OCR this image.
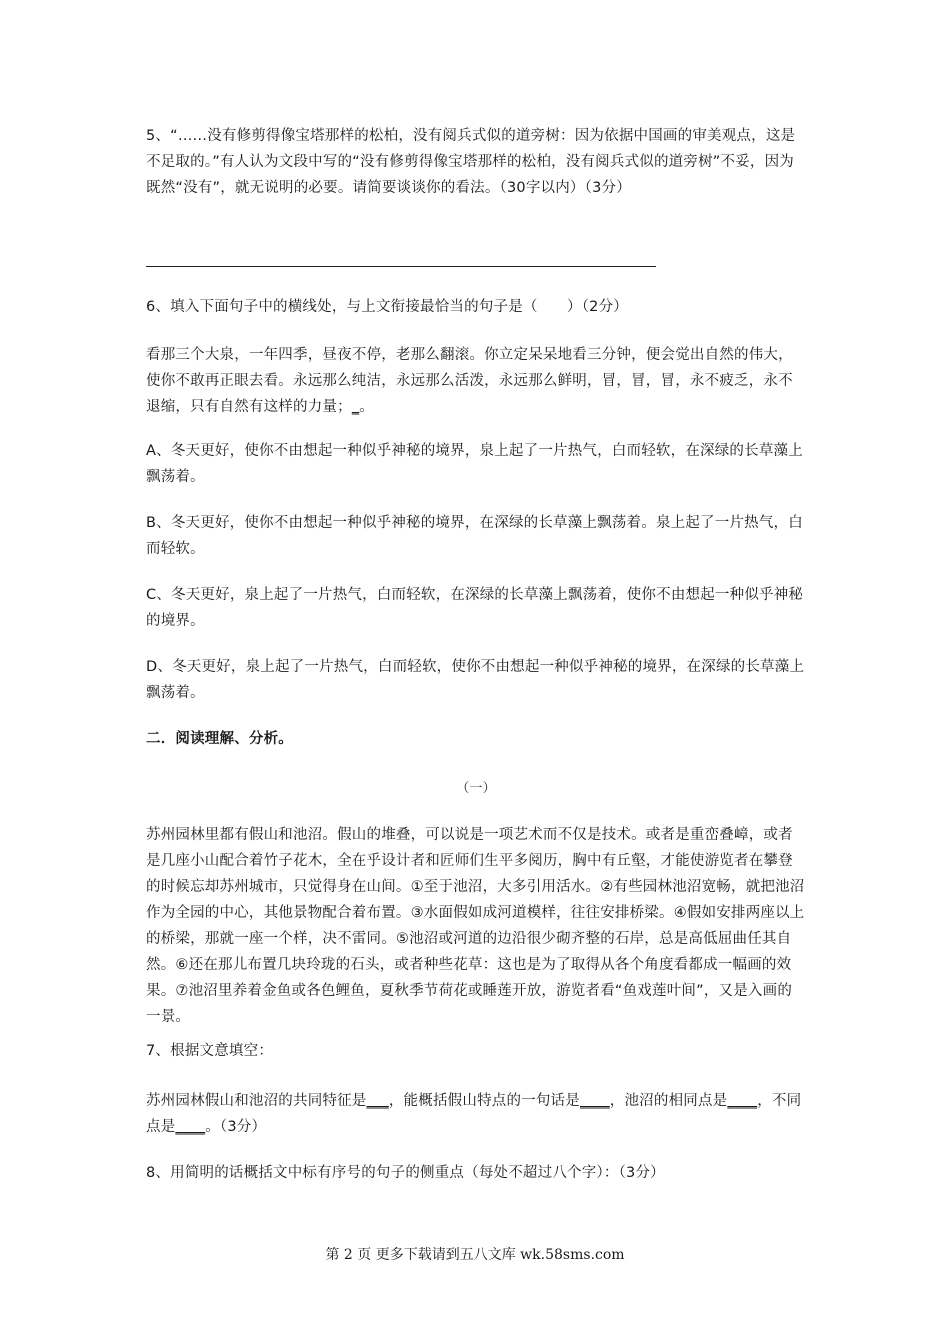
5、“……没有修剪得像宝塔那样的松柏，没有阅兵式似的道旁树：因为依据中国画的审美观点，这是不足取的。”有人认为文段中写的“没有修剪得像宝塔那样的松柏，没有阅兵式似的道旁树”不妥，因为既然“没有”，就无说明的必要。请简要谈谈你的看法。（30字以内）（3分）

6、填入下面句子中的横线处，与上文衔接最恰当的句子是（　　）（2分）

看那三个大泉，一年四季，昼夜不停，老那么翻滚。你立定呆呆地看三分钟，便会觉出自然的伟大，使你不敢再正眼去看。永远那么纯洁，永远那么活泼，永远那么鲜明，冒，冒，冒，永不疲乏，永不退缩，只有自然有这样的力量；_。

A、冬天更好，使你不由想起一种似乎神秘的境界，泉上起了一片热气，白而轻软，在深绿的长草藻上飘荡着。

B、冬天更好，使你不由想起一种似乎神秘的境界，在深绿的长草藻上飘荡着。泉上起了一片热气，白而轻软。

C、冬天更好，泉上起了一片热气，白而轻软，在深绿的长草藻上飘荡着，使你不由想起一种似乎神秘的境界。

D、冬天更好，泉上起了一片热气，白而轻软，使你不由想起一种似乎神秘的境界，在深绿的长草藻上飘荡着。

二．阅读理解、分析。

（一）

苏州园林里都有假山和池沼。假山的堆叠，可以说是一项艺术而不仅是技术。或者是重峦叠嶂，或者是几座小山配合着竹子花木，全在乎设计者和匠师们生平多阅历，胸中有丘壑，才能使游览者在攀登的时候忘却苏州城市，只觉得身在山间。①至于池沼，大多引用活水。②有些园林池沼宽畅，就把池沼作为全园的中心，其他景物配合着布置。③水面假如成河道模样，往往安排桥梁。④假如安排两座以上的桥梁，那就一座一个样，决不雷同。⑤池沼或河道的边沿很少砌齐整的石岸，总是高低屈曲任其自然。⑥还在那儿布置几块玲珑的石头，或者种些花草：这也是为了取得从各个角度看都成一幅画的效果。⑦池沼里养着金鱼或各色鲤鱼，夏秋季节荷花或睡莲开放，游览者看“鱼戏莲叶间”，又是入画的一景。

7、根据文意填空：

苏州园林假山和池沼的共同特征是___，能概括假山特点的一句话是____，池沼的相同点是____，不同点是____。（3分）

8、用简明的话概括文中标有序号的句子的侧重点（每处不超过八个字）：（3分）

第 2 页 更多下载请到五八文库 wk.58sms.com
